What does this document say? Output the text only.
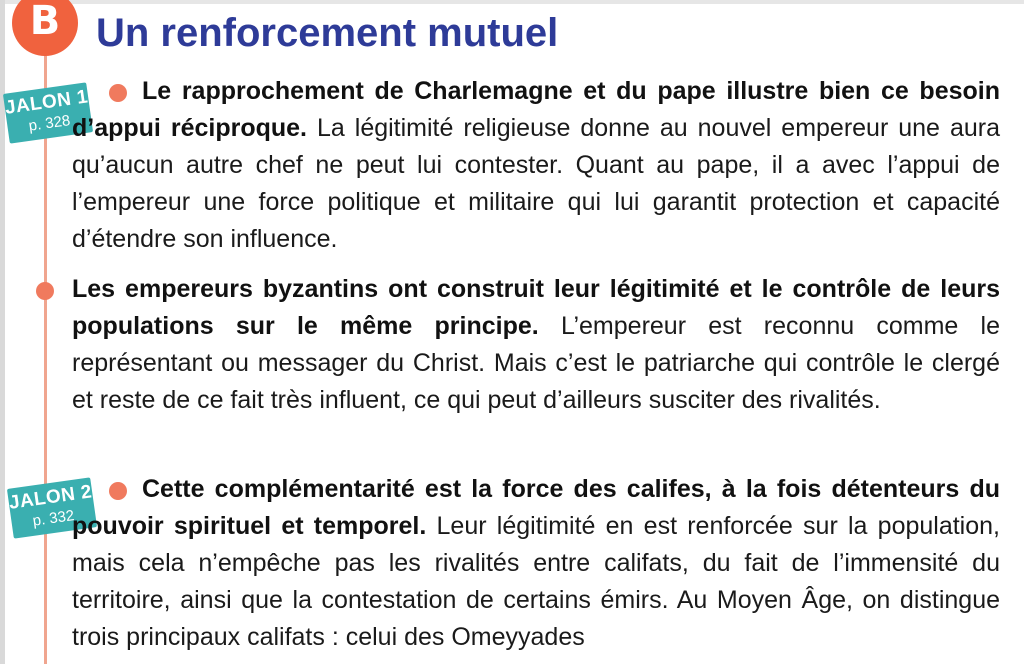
B Un renforcement mutuel
JALON 1
p. 328
JALON 2
p. 332

Le rapprochement de Charlemagne et du pape illustre bien ce besoin d’appui réciproque. La légitimité religieuse donne au nouvel empereur une aura qu’aucun autre chef ne peut lui contester. Quant au pape, il a avec l’appui de l’empereur une force politique et militaire qui lui garantit protection et capacité d’étendre son influence.

Les empereurs byzantins ont construit leur légitimité et le contrôle de leurs populations sur le même principe. L’empereur est reconnu comme le représentant ou messager du Christ. Mais c’est le patriarche qui contrôle le clergé et reste de ce fait très influent, ce qui peut d’ailleurs susciter des rivalités.

Cette complémentarité est la force des califes, à la fois détenteurs du pouvoir spirituel et temporel. Leur légitimité en est renforcée sur la population, mais cela n’empêche pas les rivalités entre califats, du fait de l’immensité du territoire, ainsi que la contestation de certains émirs. Au Moyen Âge, on distingue trois principaux califats : celui des Omeyyades
